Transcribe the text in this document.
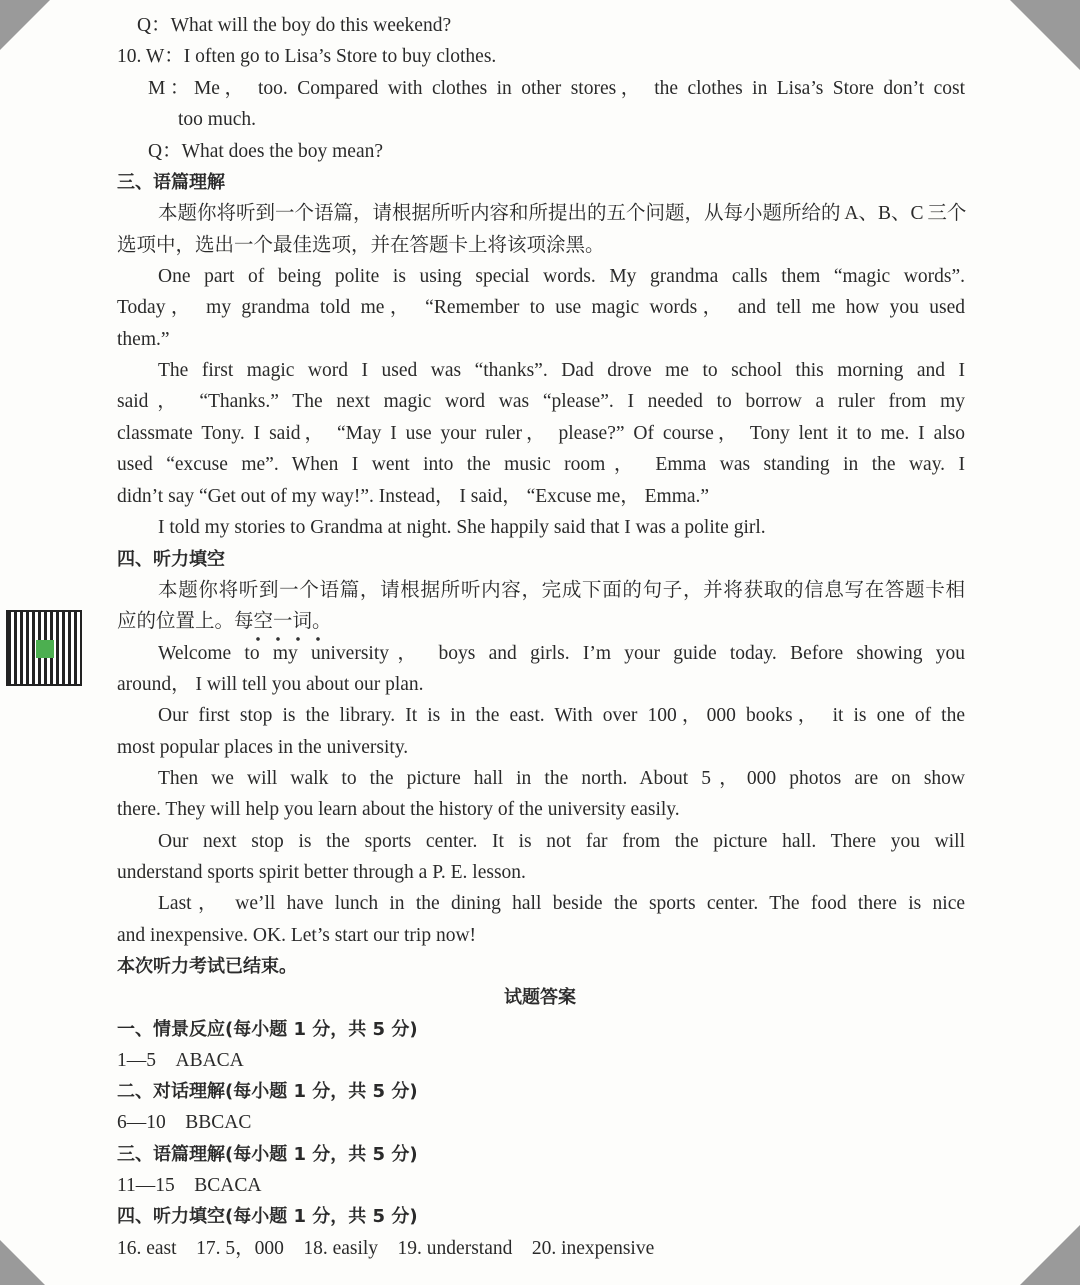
Q：What will the boy do this weekend?
10. W：I often go to Lisa’s Store to buy clothes.
M：Me， too. Compared with clothes in other stores， the clothes in Lisa’s Store don’t cost
too much.
Q：What does the boy mean?
三、语篇理解
本题你将听到一个语篇，请根据所听内容和所提出的五个问题，从每小题所给的 A、B、C 三个
选项中，选出一个最佳选项，并在答题卡上将该项涂黑。
One part of being polite is using special words. My grandma calls them “magic words”.
Today， my grandma told me， “Remember to use magic words， and tell me how you used
them.”
The first magic word I used was “thanks”. Dad drove me to school this morning and I
said， “Thanks.” The next magic word was “please”. I needed to borrow a ruler from my
classmate Tony. I said， “May I use your ruler， please?” Of course， Tony lent it to me. I also
used “excuse me”. When I went into the music room， Emma was standing in the way. I
didn’t say “Get out of my way!”. Instead， I said， “Excuse me， Emma.”
I told my stories to Grandma at night. She happily said that I was a polite girl.
四、听力填空
本题你将听到一个语篇，请根据所听内容，完成下面的句子，并将获取的信息写在答题卡相
应的位置上。每空一词。
Welcome to my university， boys and girls. I’m your guide today. Before showing you
around， I will tell you about our plan.
Our first stop is the library. It is in the east. With over 100，000 books， it is one of the
most popular places in the university.
Then we will walk to the picture hall in the north. About 5，000 photos are on show
there. They will help you learn about the history of the university easily.
Our next stop is the sports center. It is not far from the picture hall. There you will
understand sports spirit better through a P. E. lesson.
Last， we’ll have lunch in the dining hall beside the sports center. The food there is nice
and inexpensive. OK. Let’s start our trip now!
本次听力考试已结束。
试题答案
一、情景反应(每小题 1 分，共 5 分)
1—5　ABACA
二、对话理解(每小题 1 分，共 5 分)
6—10　BBCAC
三、语篇理解(每小题 1 分，共 5 分)
11—15　BCACA
四、听力填空(每小题 1 分，共 5 分)
16. east　17. 5，000　18. easily　19. understand　20. inexpensive
